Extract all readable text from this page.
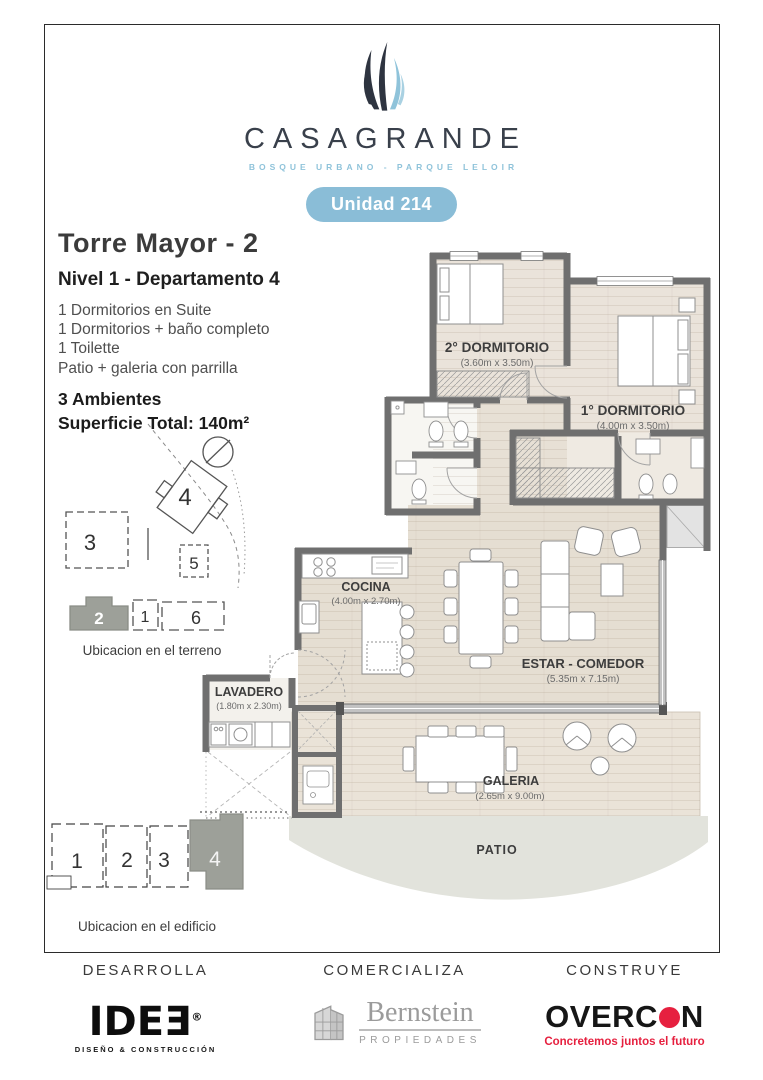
CASAGRANDE
BOSQUE URBANO - PARQUE LELOIR
Unidad 214
Torre Mayor - 2
Nivel 1 - Departamento 4
1 Dormitorios en Suite
1 Dormitorios + baño completo
1 Toilette
Patio + galeria con parrilla
3 Ambientes
Superficie Total: 140m²
2° DORMITORIO
(3.60m x 3.50m)
1° DORMITORIO
(4.00m x 3.50m)
COCINA
(4.00m x 2.70m)
ESTAR - COMEDOR
(5.35m x 7.15m)
LAVADERO
(1.80m x 2.30m)
GALERIA
(2.65m x 9.00m)
PATIO
3
4
5
2 1 6
Ubicacion en el terreno
1 2 3 4
Ubicacion en el edificio
DESARROLLA
IDEƎ®
DISEÑO & CONSTRUCCIÓN
COMERCIALIZA
Bernstein
PROPIEDADES
CONSTRUYE
OVERC N
Concretemos juntos el futuro
